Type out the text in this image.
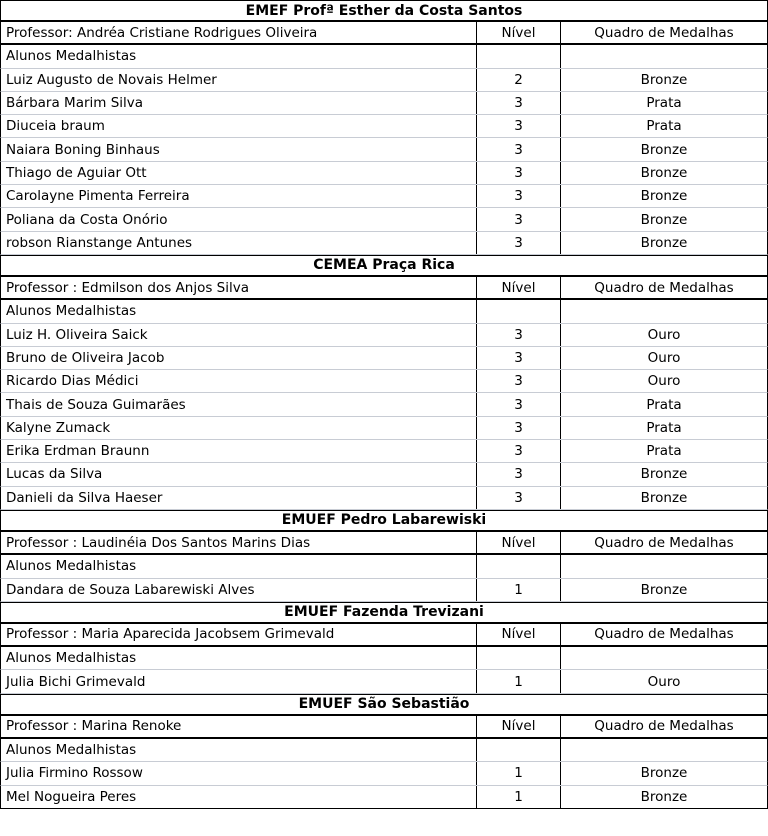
EMEF Profª Esther da Costa Santos
Professor: Andréa Cristiane Rodrigues Oliveira	Nível	Quadro de Medalhas
Alunos Medalhistas
Luiz Augusto de Novais Helmer	2	Bronze
Bárbara Marim Silva	3	Prata
Diuceia braum	3	Prata
Naiara Boning Binhaus	3	Bronze
Thiago de Aguiar Ott	3	Bronze
Carolayne Pimenta Ferreira	3	Bronze
Poliana da Costa Onório	3	Bronze
robson Rianstange Antunes	3	Bronze
CEMEA Praça Rica
Professor : Edmilson dos Anjos Silva	Nível	Quadro de Medalhas
Alunos Medalhistas
Luiz H. Oliveira Saick	3	Ouro
Bruno de Oliveira Jacob	3	Ouro
Ricardo Dias Médici	3	Ouro
Thais de Souza Guimarães	3	Prata
Kalyne Zumack	3	Prata
Erika Erdman Braunn	3	Prata
Lucas da Silva	3	Bronze
Danieli da Silva Haeser	3	Bronze
EMUEF Pedro Labarewiski
Professor : Laudinéia Dos Santos Marins Dias	Nível	Quadro de Medalhas
Alunos Medalhistas
Dandara de Souza Labarewiski Alves	1	Bronze
EMUEF Fazenda Trevizani
Professor : Maria Aparecida Jacobsem Grimevald	Nível	Quadro de Medalhas
Alunos Medalhistas
Julia Bichi Grimevald	1	Ouro
EMUEF São Sebastião
Professor : Marina Renoke	Nível	Quadro de Medalhas
Alunos Medalhistas
Julia Firmino Rossow	1	Bronze
Mel Nogueira Peres	1	Bronze
